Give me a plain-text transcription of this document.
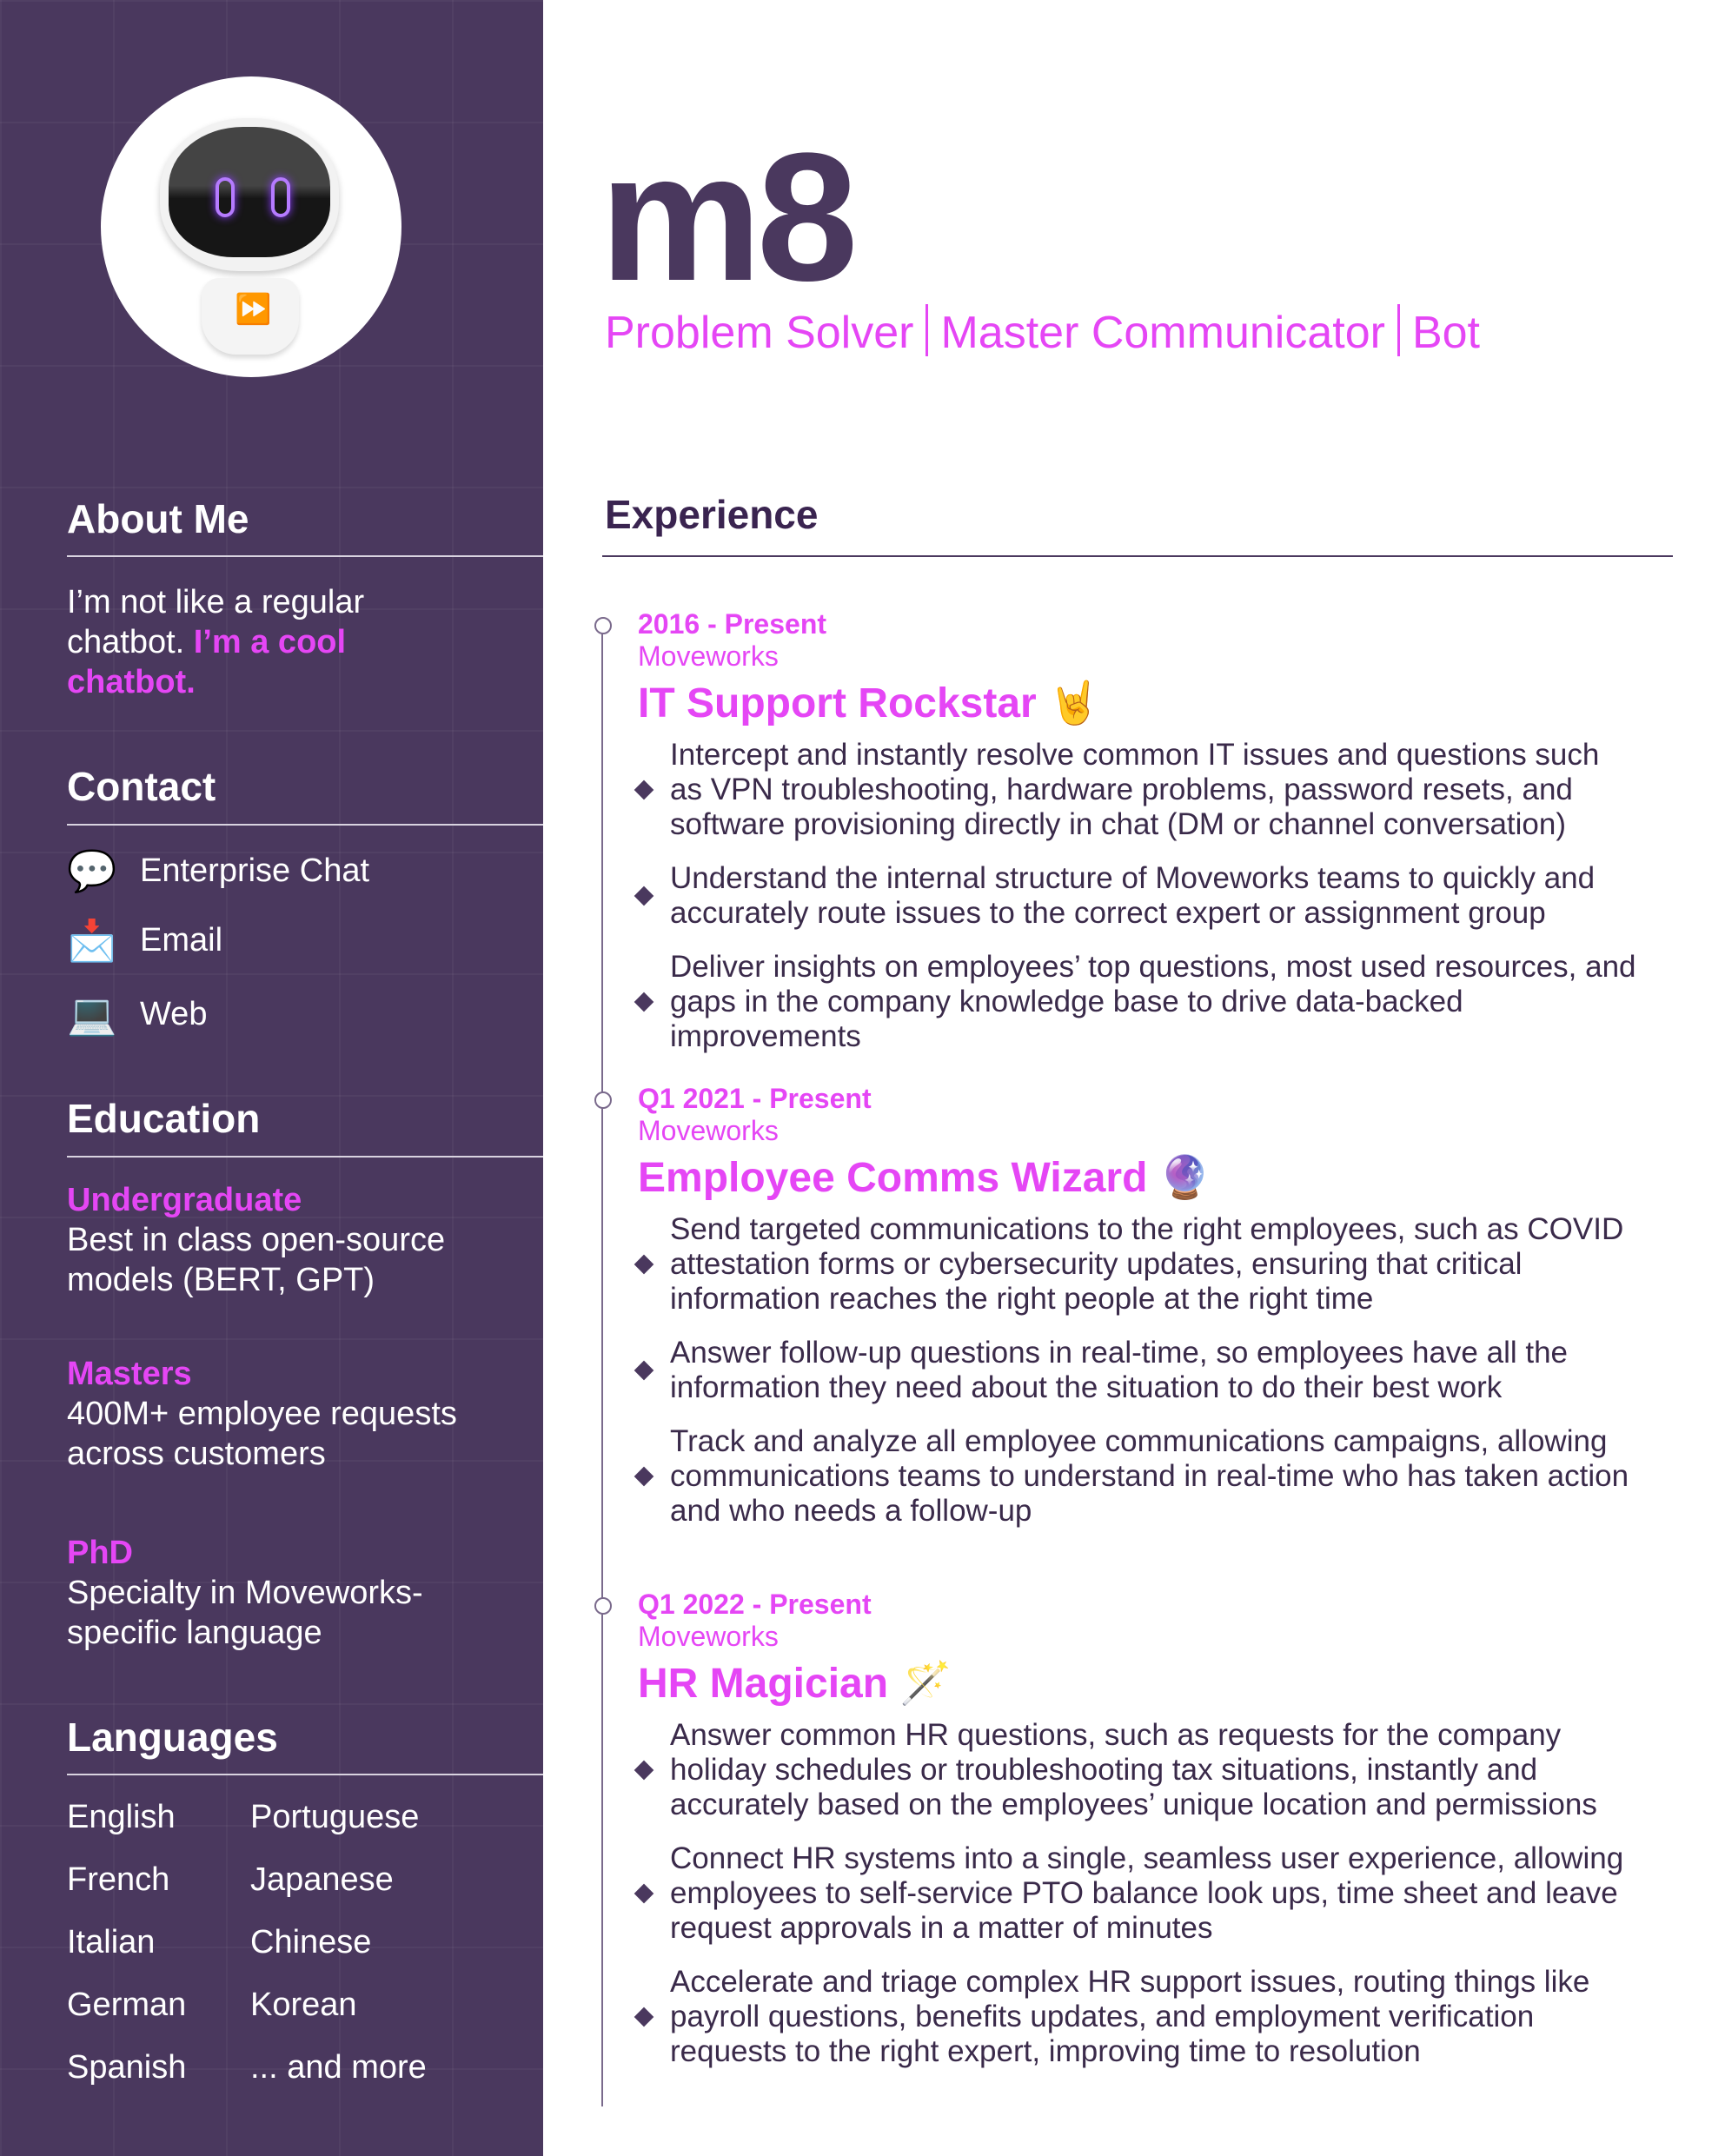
⏩
About Me
I’m not like a regular chatbot. I’m a cool chatbot.
Contact
💬 Enterprise Chat
📩 Email
💻 Web
Education
Undergraduate
Best in class open-source models (BERT, GPT)
Masters
400M+ employee requests across customers
PhD
Specialty in Moveworks-specific language
Languages
English
French
Italian
German
Spanish
Portuguese
Japanese
Chinese
Korean
... and more
m8
Problem Solver Master Communicator Bot
Experience
2016 - Present
Moveworks
IT Support Rockstar 🤘
Intercept and instantly resolve common IT issues and questions such as VPN troubleshooting, hardware problems, password resets, and software provisioning directly in chat (DM or channel conversation)
Understand the internal structure of Moveworks teams to quickly and accurately route issues to the correct expert or assignment group
Deliver insights on employees’ top questions, most used resources, and gaps in the company knowledge base to drive data-backed improvements
Q1 2021 - Present
Moveworks
Employee Comms Wizard 🔮
Send targeted communications to the right employees, such as COVID attestation forms or cybersecurity updates, ensuring that critical information reaches the right people at the right time
Answer follow-up questions in real-time, so employees have all the information they need about the situation to do their best work
Track and analyze all employee communications campaigns, allowing communications teams to understand in real-time who has taken action and who needs a follow-up
Q1 2022 - Present
Moveworks
HR Magician 🪄
Answer common HR questions, such as requests for the company holiday schedules or troubleshooting tax situations, instantly and accurately based on the employees’ unique location and permissions
Connect HR systems into a single, seamless user experience, allowing employees to self-service PTO balance look ups, time sheet and leave request approvals in a matter of minutes
Accelerate and triage complex HR support issues, routing things like payroll questions, benefits updates, and employment verification requests to the right expert, improving time to resolution
